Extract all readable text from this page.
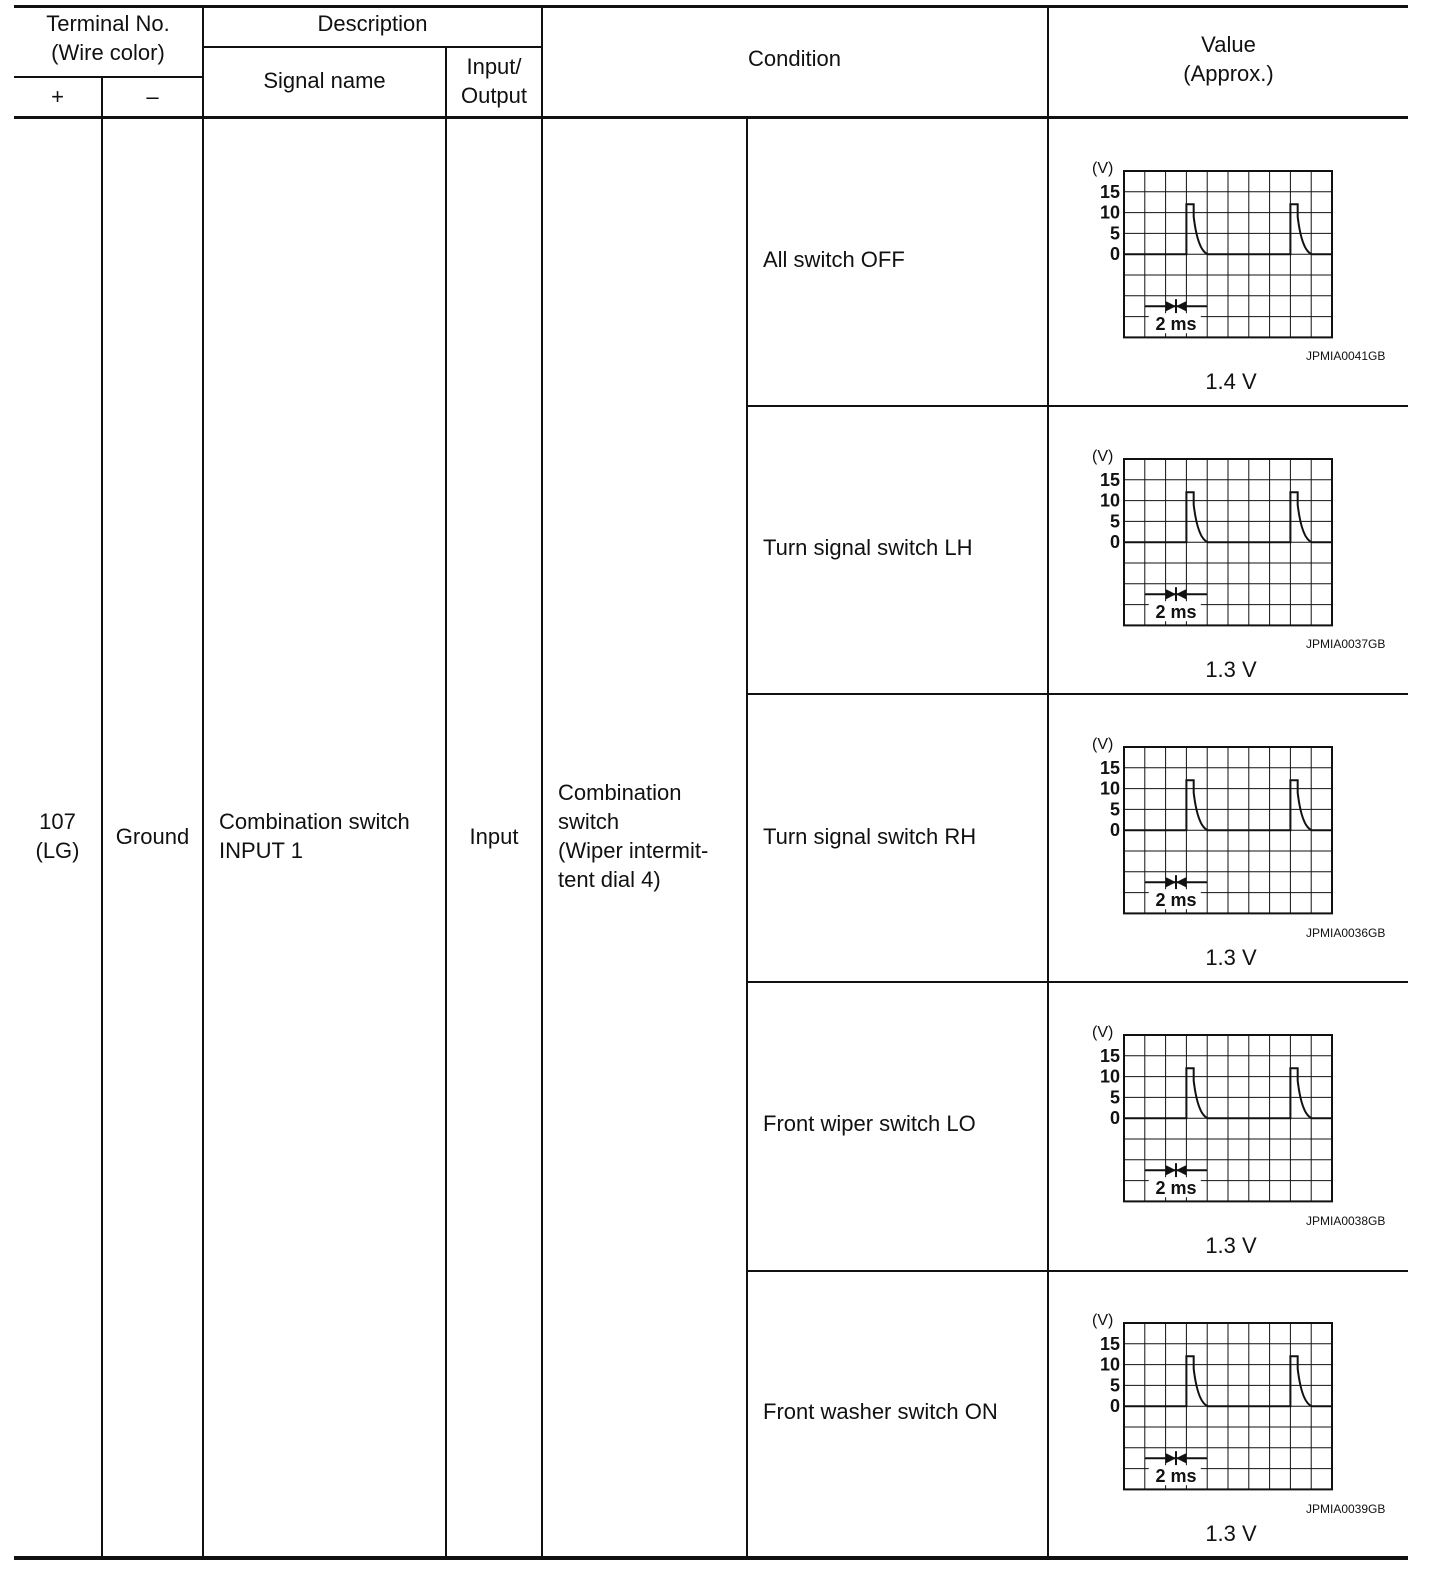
Terminal No.
(Wire color)
+	–
Description
Signal name
Input/
Output
Condition
Value
(Approx.)
107
(LG)
Ground
Combination switch
INPUT 1
Input
Combination
switch
(Wiper intermit-
tent dial 4)
All switch OFF
(V)
15
10
5
0
2 ms
JPMIA0041GB
1.4 V
Turn signal switch LH
(V)
15
10
5
0
2 ms
JPMIA0037GB
1.3 V
Turn signal switch RH
(V)
15
10
5
0
2 ms
JPMIA0036GB
1.3 V
Front wiper switch LO
(V)
15
10
5
0
2 ms
JPMIA0038GB
1.3 V
Front washer switch ON
(V)
15
10
5
0
2 ms
JPMIA0039GB
1.3 V
